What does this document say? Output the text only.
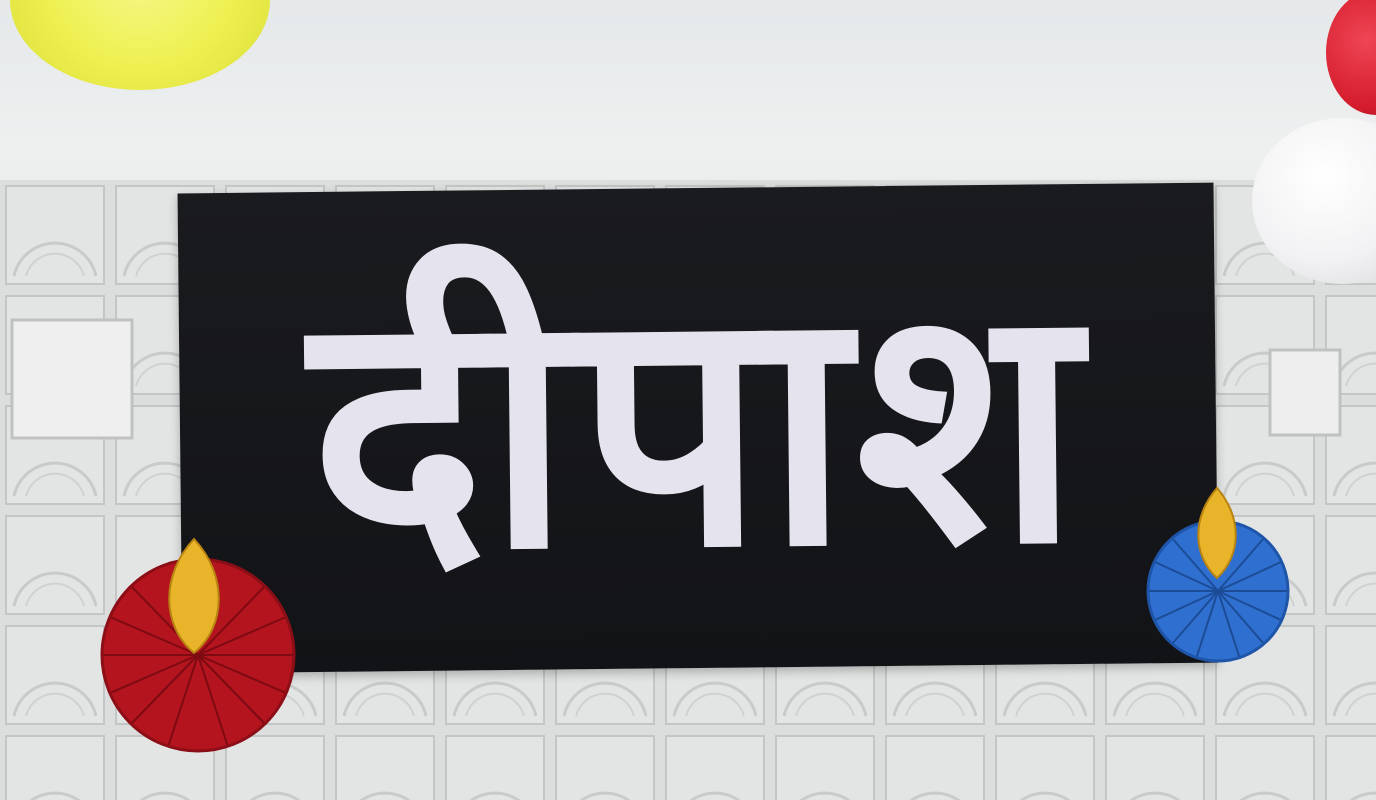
दीपाश
